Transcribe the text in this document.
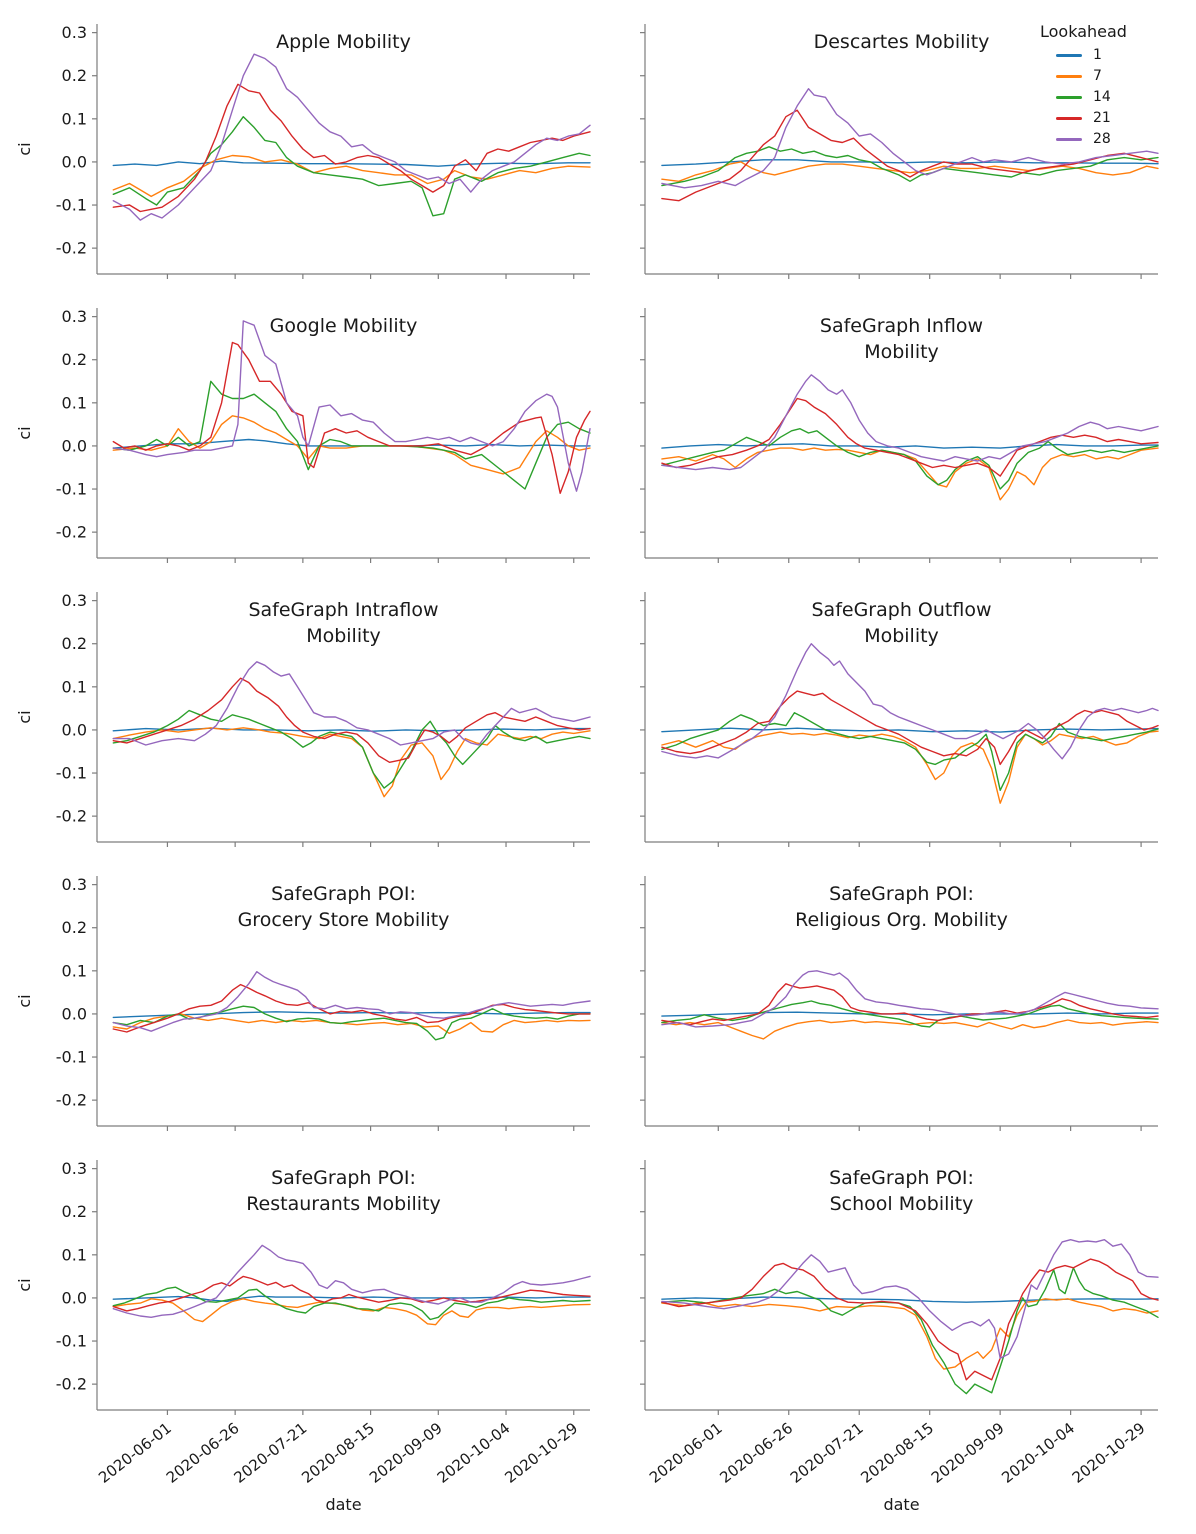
0.3
0.2
0.1
0.0
-0.1
-0.2
ci
Apple Mobility	Descartes Mobility
0.3
0.2
0.1
0.0
-0.1
-0.2
ci
Google Mobility	SafeGraph Inflow
Mobility
0.3
0.2
0.1
0.0
-0.1
-0.2
ci
SafeGraph Intraflow
Mobility
SafeGraph Outflow
Mobility
0.3
0.2
0.1
0.0
-0.1
-0.2
ci
SafeGraph POI:
Grocery Store Mobility
SafeGraph POI:
Religious Org. Mobility
0.3
0.2
0.1
0.0
-0.1
-0.2
2020-06-01
2020-06-26
2020-07-21
2020-08-15
2020-09-09
2020-10-04
2020-10-29
ci
date
SafeGraph POI:
Restaurants Mobility
2020-06-01
2020-06-26
2020-07-21
2020-08-15
2020-09-09
2020-10-04
2020-10-29
date
SafeGraph POI:
School Mobility
Lookahead
1
7
14
21
28
